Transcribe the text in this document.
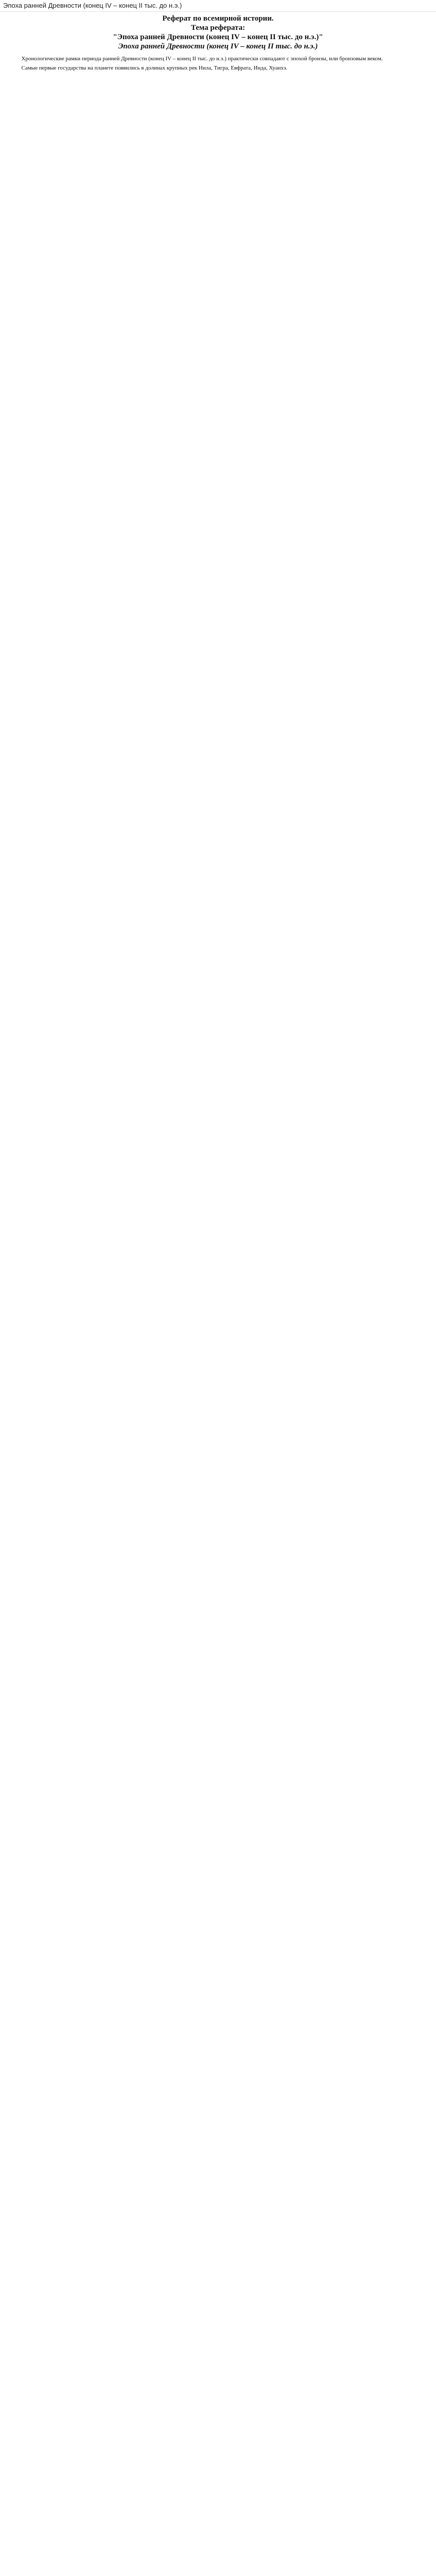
Эпоха ранней Древности (конец IV – конец II тыс. до н.э.)

Реферат по всемирной истории.

Тема реферата:

"Эпоха ранней Древности (конец IV – конец II тыс. до н.э.)"

Эпоха ранней Древности (конец IV – конец II тыс. до н.э.)

Хронологические рамки периода ранней Древности (конец IV – конец II тыс. до н.э.) практически совпадают с эпохой бронзы, или бронзовым веком.

Самые первые государства на планете появились в долинах крупных рек Нила, Тигра, Евфрата, Инда, Хуанхэ.
